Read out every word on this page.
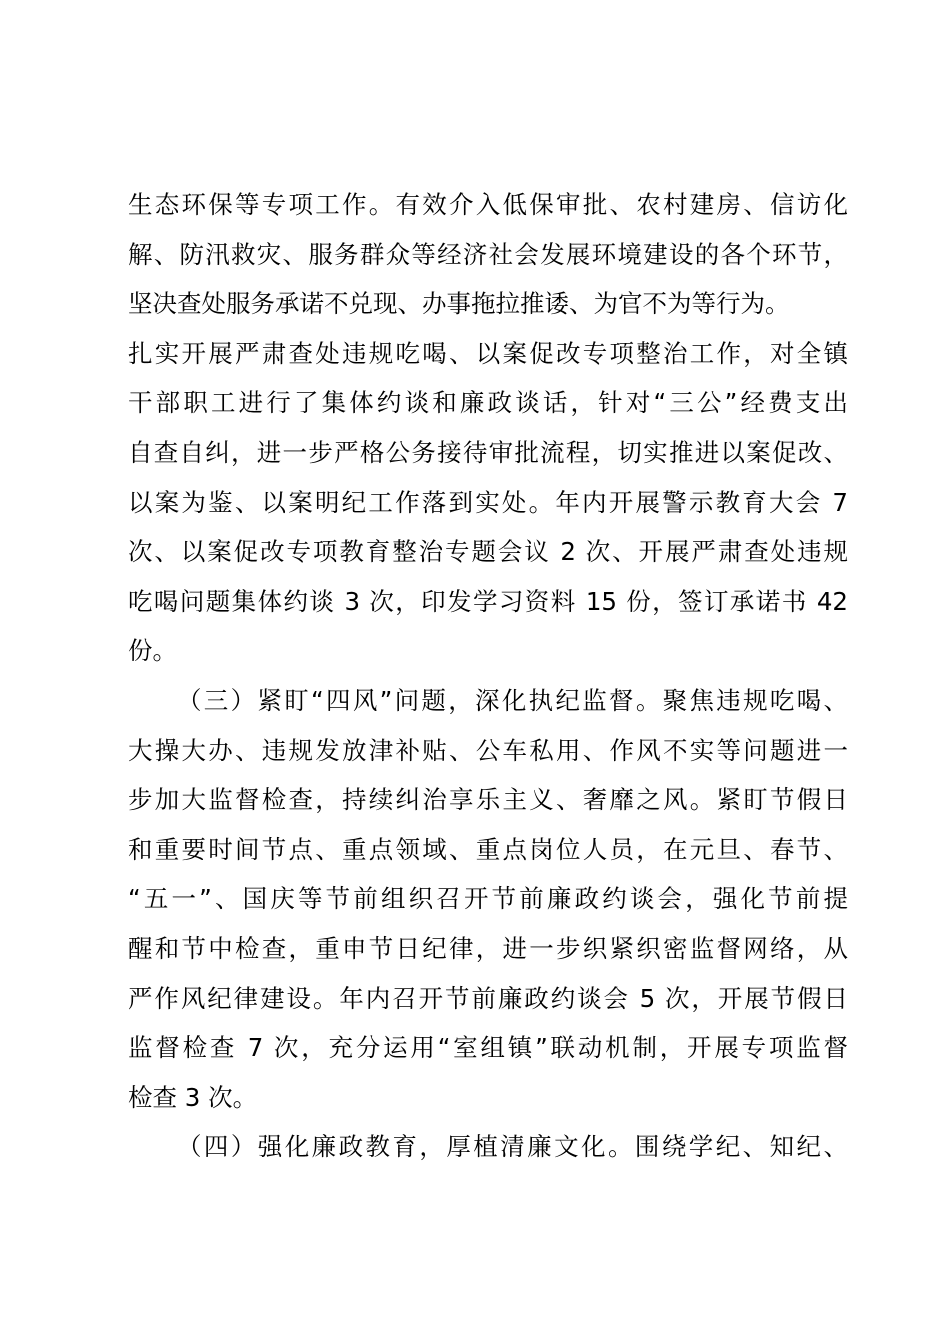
生态环保等专项工作。有效介入低保审批、农村建房、信访化
解、防汛救灾、服务群众等经济社会发展环境建设的各个环节，
坚决查处服务承诺不兑现、办事拖拉推诿、为官不为等行为。
扎实开展严肃查处违规吃喝、以案促改专项整治工作，对全镇
干部职工进行了集体约谈和廉政谈话，针对“三公”经费支出
自查自纠，进一步严格公务接待审批流程，切实推进以案促改、
以案为鉴、以案明纪工作落到实处。年内开展警示教育大会 7
次、以案促改专项教育整治专题会议 2 次、开展严肃查处违规
吃喝问题集体约谈 3 次，印发学习资料 15 份，签订承诺书 42
份。
（三）紧盯“四风”问题，深化执纪监督。聚焦违规吃喝、
大操大办、违规发放津补贴、公车私用、作风不实等问题进一
步加大监督检查，持续纠治享乐主义、奢靡之风。紧盯节假日
和重要时间节点、重点领域、重点岗位人员，在元旦、春节、
“五一”、国庆等节前组织召开节前廉政约谈会，强化节前提
醒和节中检查，重申节日纪律，进一步织紧织密监督网络，从
严作风纪律建设。年内召开节前廉政约谈会 5 次，开展节假日
监督检查 7 次，充分运用“室组镇”联动机制，开展专项监督
检查 3 次。
（四）强化廉政教育，厚植清廉文化。围绕学纪、知纪、
